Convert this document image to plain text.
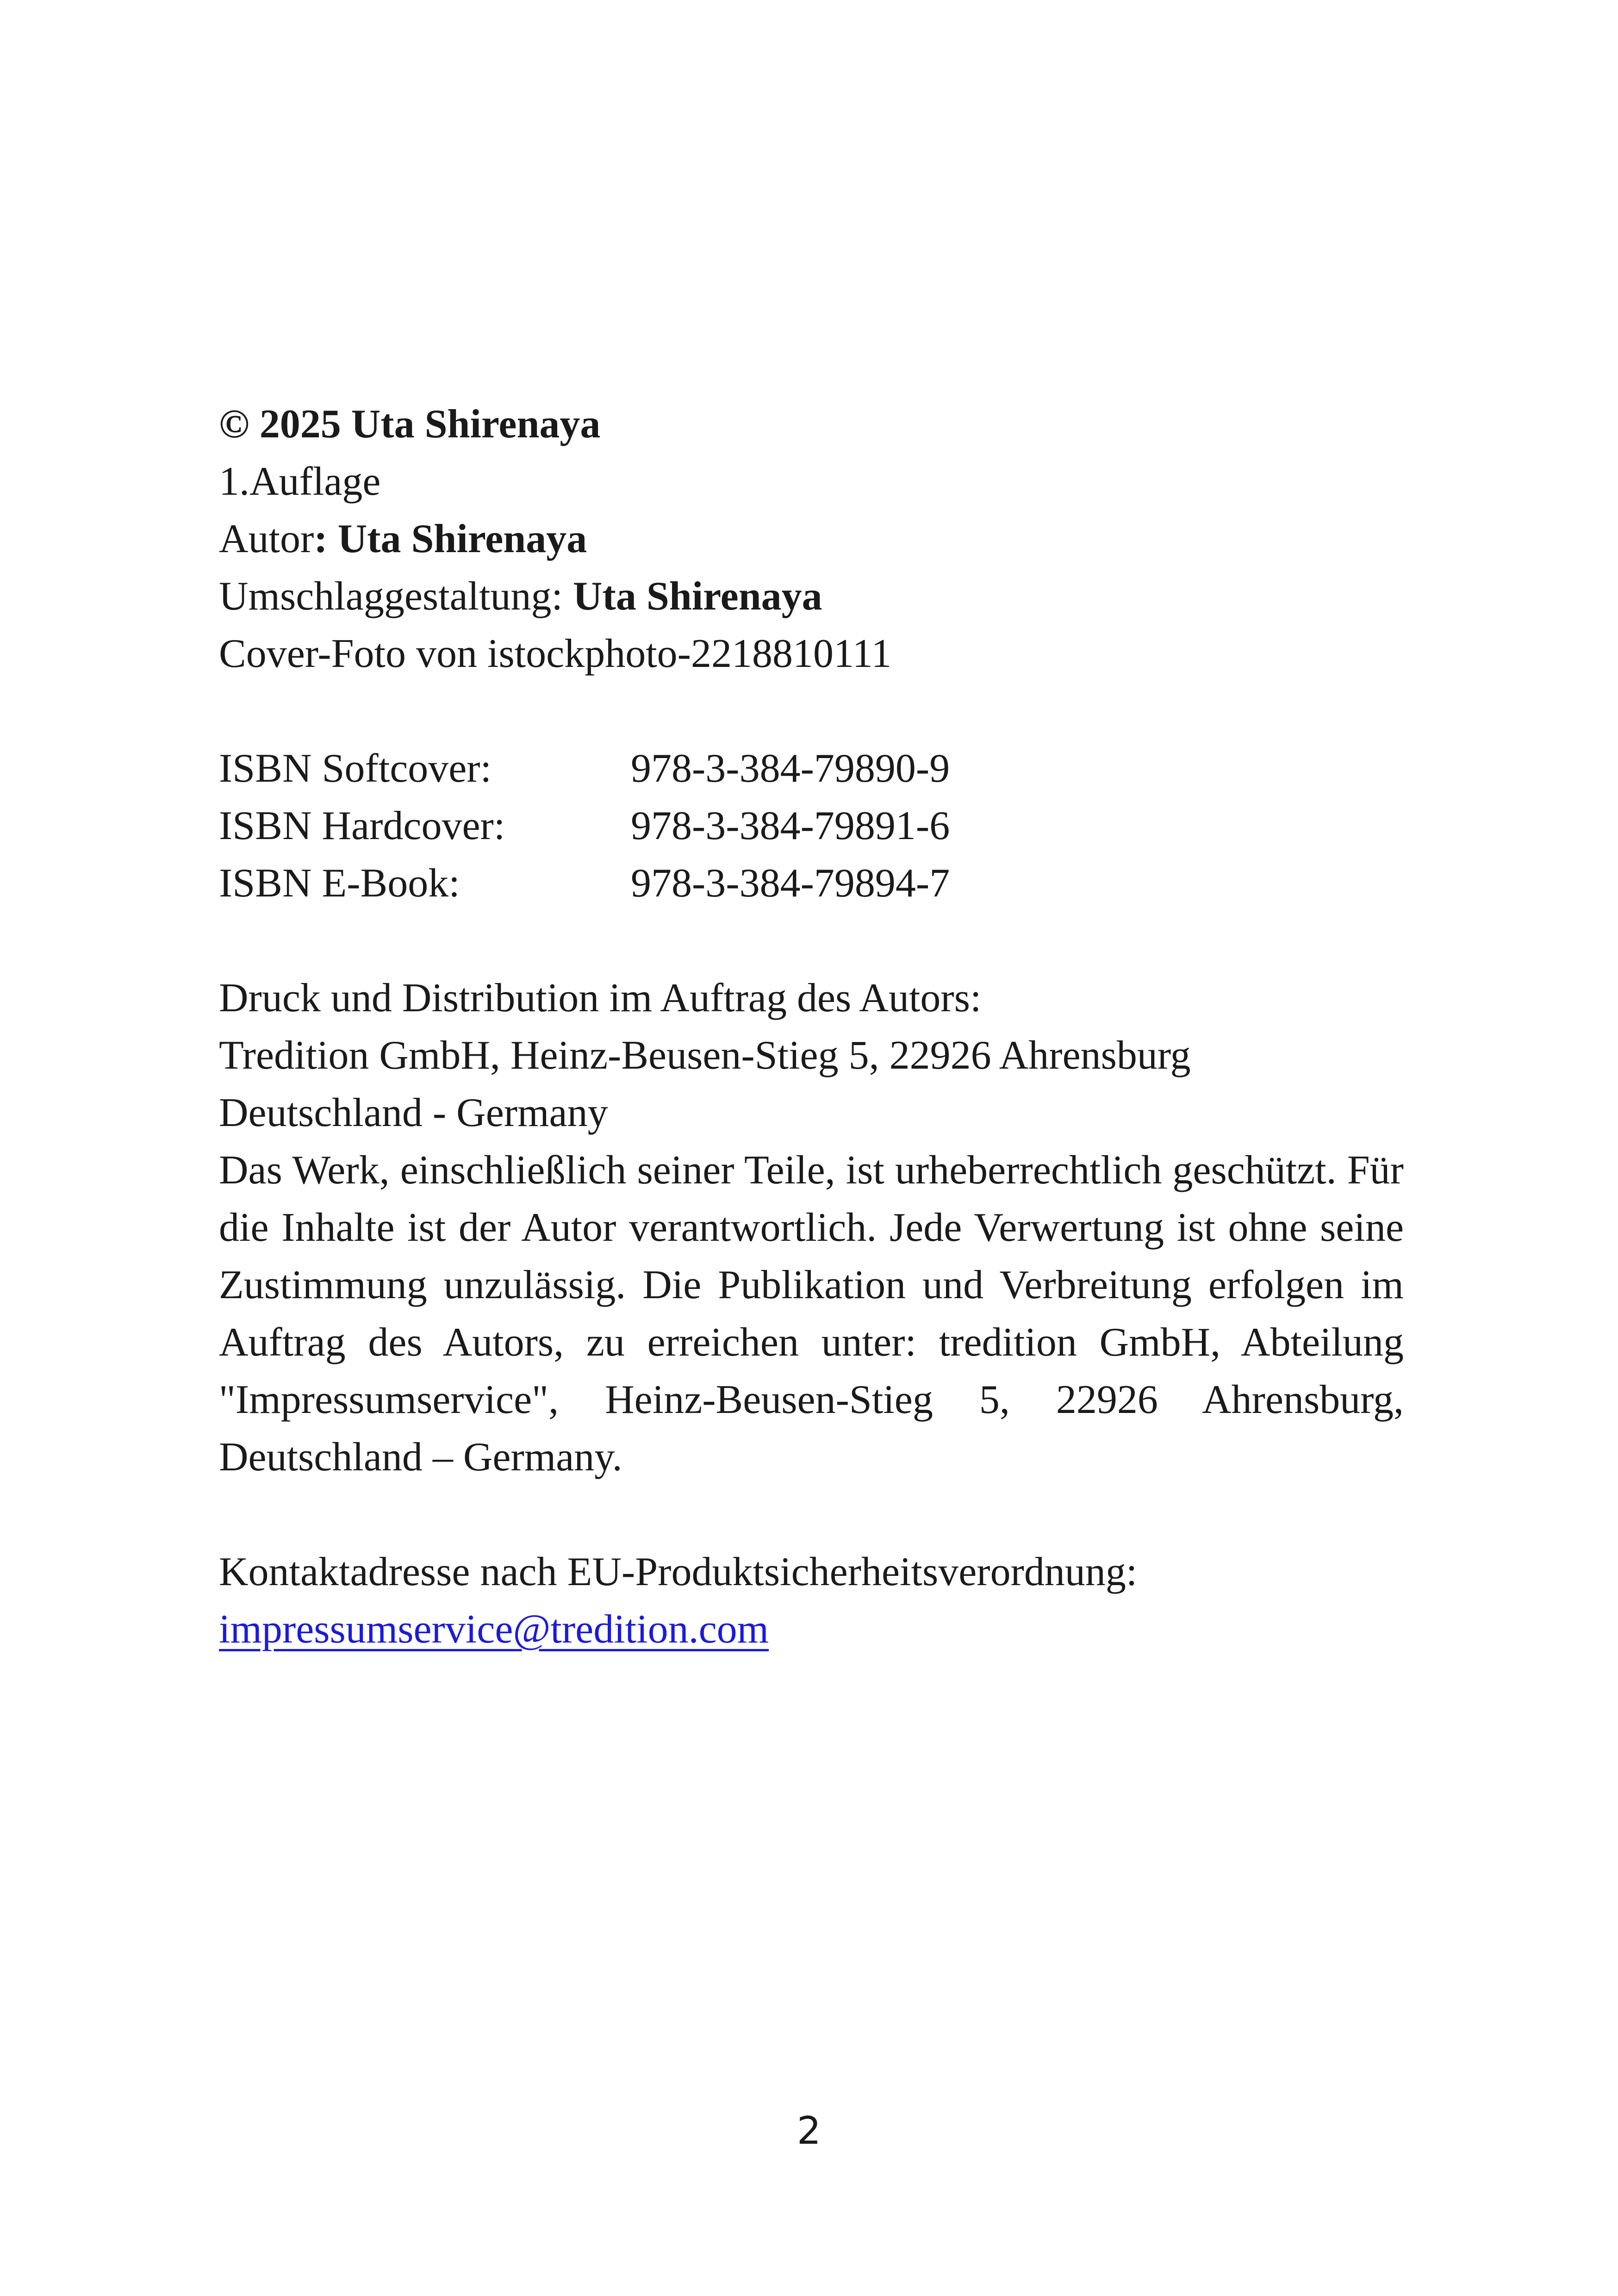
© 2025 Uta Shirenaya
1.Auflage
Autor: Uta Shirenaya
Umschlaggestaltung: Uta Shirenaya
Cover-Foto von istockphoto-2218810111
ISBN Softcover:	978-3-384-79890-9
ISBN Hardcover:	978-3-384-79891-6
ISBN E-Book:	978-3-384-79894-7
Druck und Distribution im Auftrag des Autors:
Tredition GmbH, Heinz-Beusen-Stieg 5, 22926 Ahrensburg
Deutschland - Germany
Das Werk, einschließlich seiner Teile, ist urheberrechtlich geschützt. Für die Inhalte ist der Autor verantwortlich. Jede Verwertung ist ohne seine Zustimmung unzulässig. Die Publikation und Verbreitung erfolgen im Auftrag des Autors, zu erreichen unter: tredition GmbH, Abteilung "Impressumservice", Heinz-Beusen-Stieg 5, 22926 Ahrensburg, Deutschland – Germany.
Kontaktadresse nach EU-Produktsicherheitsverordnung:
impressumservice@tredition.com
2
